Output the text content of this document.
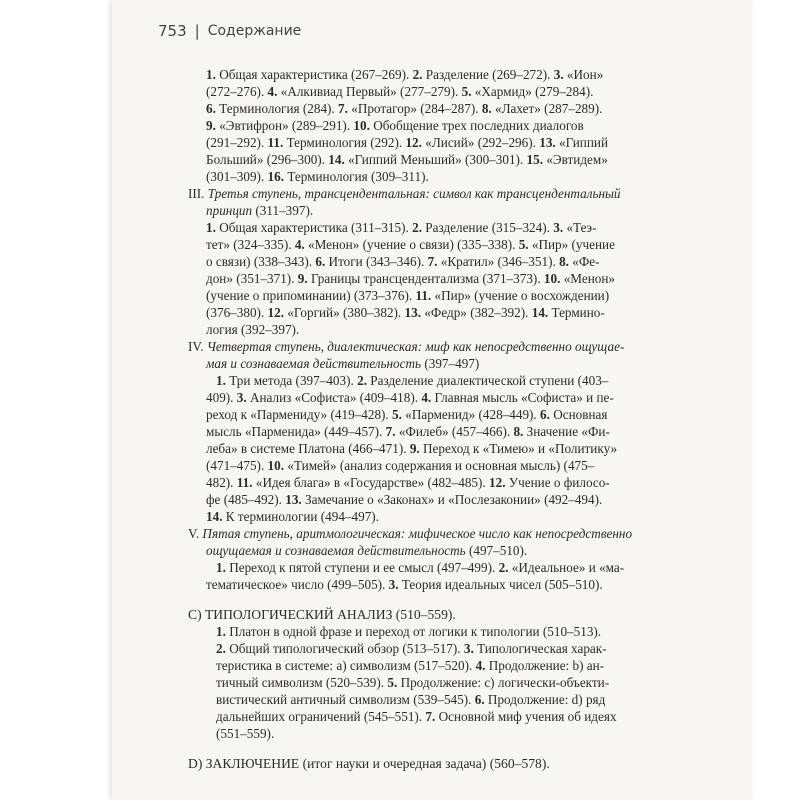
753 | Содержание
1. Общая характеристика (267–269). 2. Разделение (269–272). 3. «Ион»
(272–276). 4. «Алкивиад Первый» (277–279). 5. «Хармид» (279–284).
6. Терминология (284). 7. «Протагор» (284–287). 8. «Лахет» (287–289).
9. «Эвтифрон» (289–291). 10. Обобщение трех последних диалогов
(291–292). 11. Терминология (292). 12. «Лисий» (292–296). 13. «Гиппий
Больший» (296–300). 14. «Гиппий Меньший» (300–301). 15. «Эвтидем»
(301–309). 16. Терминология (309–311).
III. Третья ступень, трансцендентальная: символ как трансцендентальный
принцип (311–397).
1. Общая характеристика (311–315). 2. Разделение (315–324). 3. «Теэ-
тет» (324–335). 4. «Менон» (учение о связи) (335–338). 5. «Пир» (учение
о связи) (338–343). 6. Итоги (343–346). 7. «Кратил» (346–351). 8. «Фе-
дон» (351–371). 9. Границы трансцендентализма (371–373). 10. «Менон»
(учение о припоминании) (373–376). 11. «Пир» (учение о восхождении)
(376–380). 12. «Горгий» (380–382). 13. «Федр» (382–392). 14. Термино-
логия (392–397).
IV. Четвертая ступень, диалектическая: миф как непосредственно ощущае-
мая и сознаваемая действительность (397–497)
1. Три метода (397–403). 2. Разделение диалектической ступени (403–
409). 3. Анализ «Софиста» (409–418). 4. Главная мысль «Софиста» и пе-
реход к «Пармениду» (419–428). 5. «Парменид» (428–449). 6. Основная
мысль «Парменида» (449–457). 7. «Филеб» (457–466). 8. Значение «Фи-
леба» в системе Платона (466–471). 9. Переход к «Тимею» и «Политику»
(471–475). 10. «Тимей» (анализ содержания и основная мысль) (475–
482). 11. «Идея блага» в «Государстве» (482–485). 12. Учение о филосо-
фе (485–492). 13. Замечание о «Законах» и «Послезаконии» (492–494).
14. К терминологии (494–497).
V. Пятая ступень, аритмологическая: мифическое число как непосредственно
ощущаемая и сознаваемая действительность (497–510).
1. Переход к пятой ступени и ее смысл (497–499). 2. «Идеальное» и «ма-
тематическое» число (499–505). 3. Теория идеальных чисел (505–510).
C) ТИПОЛОГИЧЕСКИЙ АНАЛИЗ (510–559).
1. Платон в одной фразе и переход от логики к типологии (510–513).
2. Общий типологический обзор (513–517). 3. Типологическая харак-
теристика в системе: а) символизм (517–520). 4. Продолжение: b) ан-
тичный символизм (520–539). 5. Продолжение: с) логически-объекти-
вистический античный символизм (539–545). 6. Продолжение: d) ряд
дальнейших ограничений (545–551). 7. Основной миф учения об идеях
(551–559).
D) ЗАКЛЮЧЕНИЕ (итог науки и очередная задача) (560–578).
